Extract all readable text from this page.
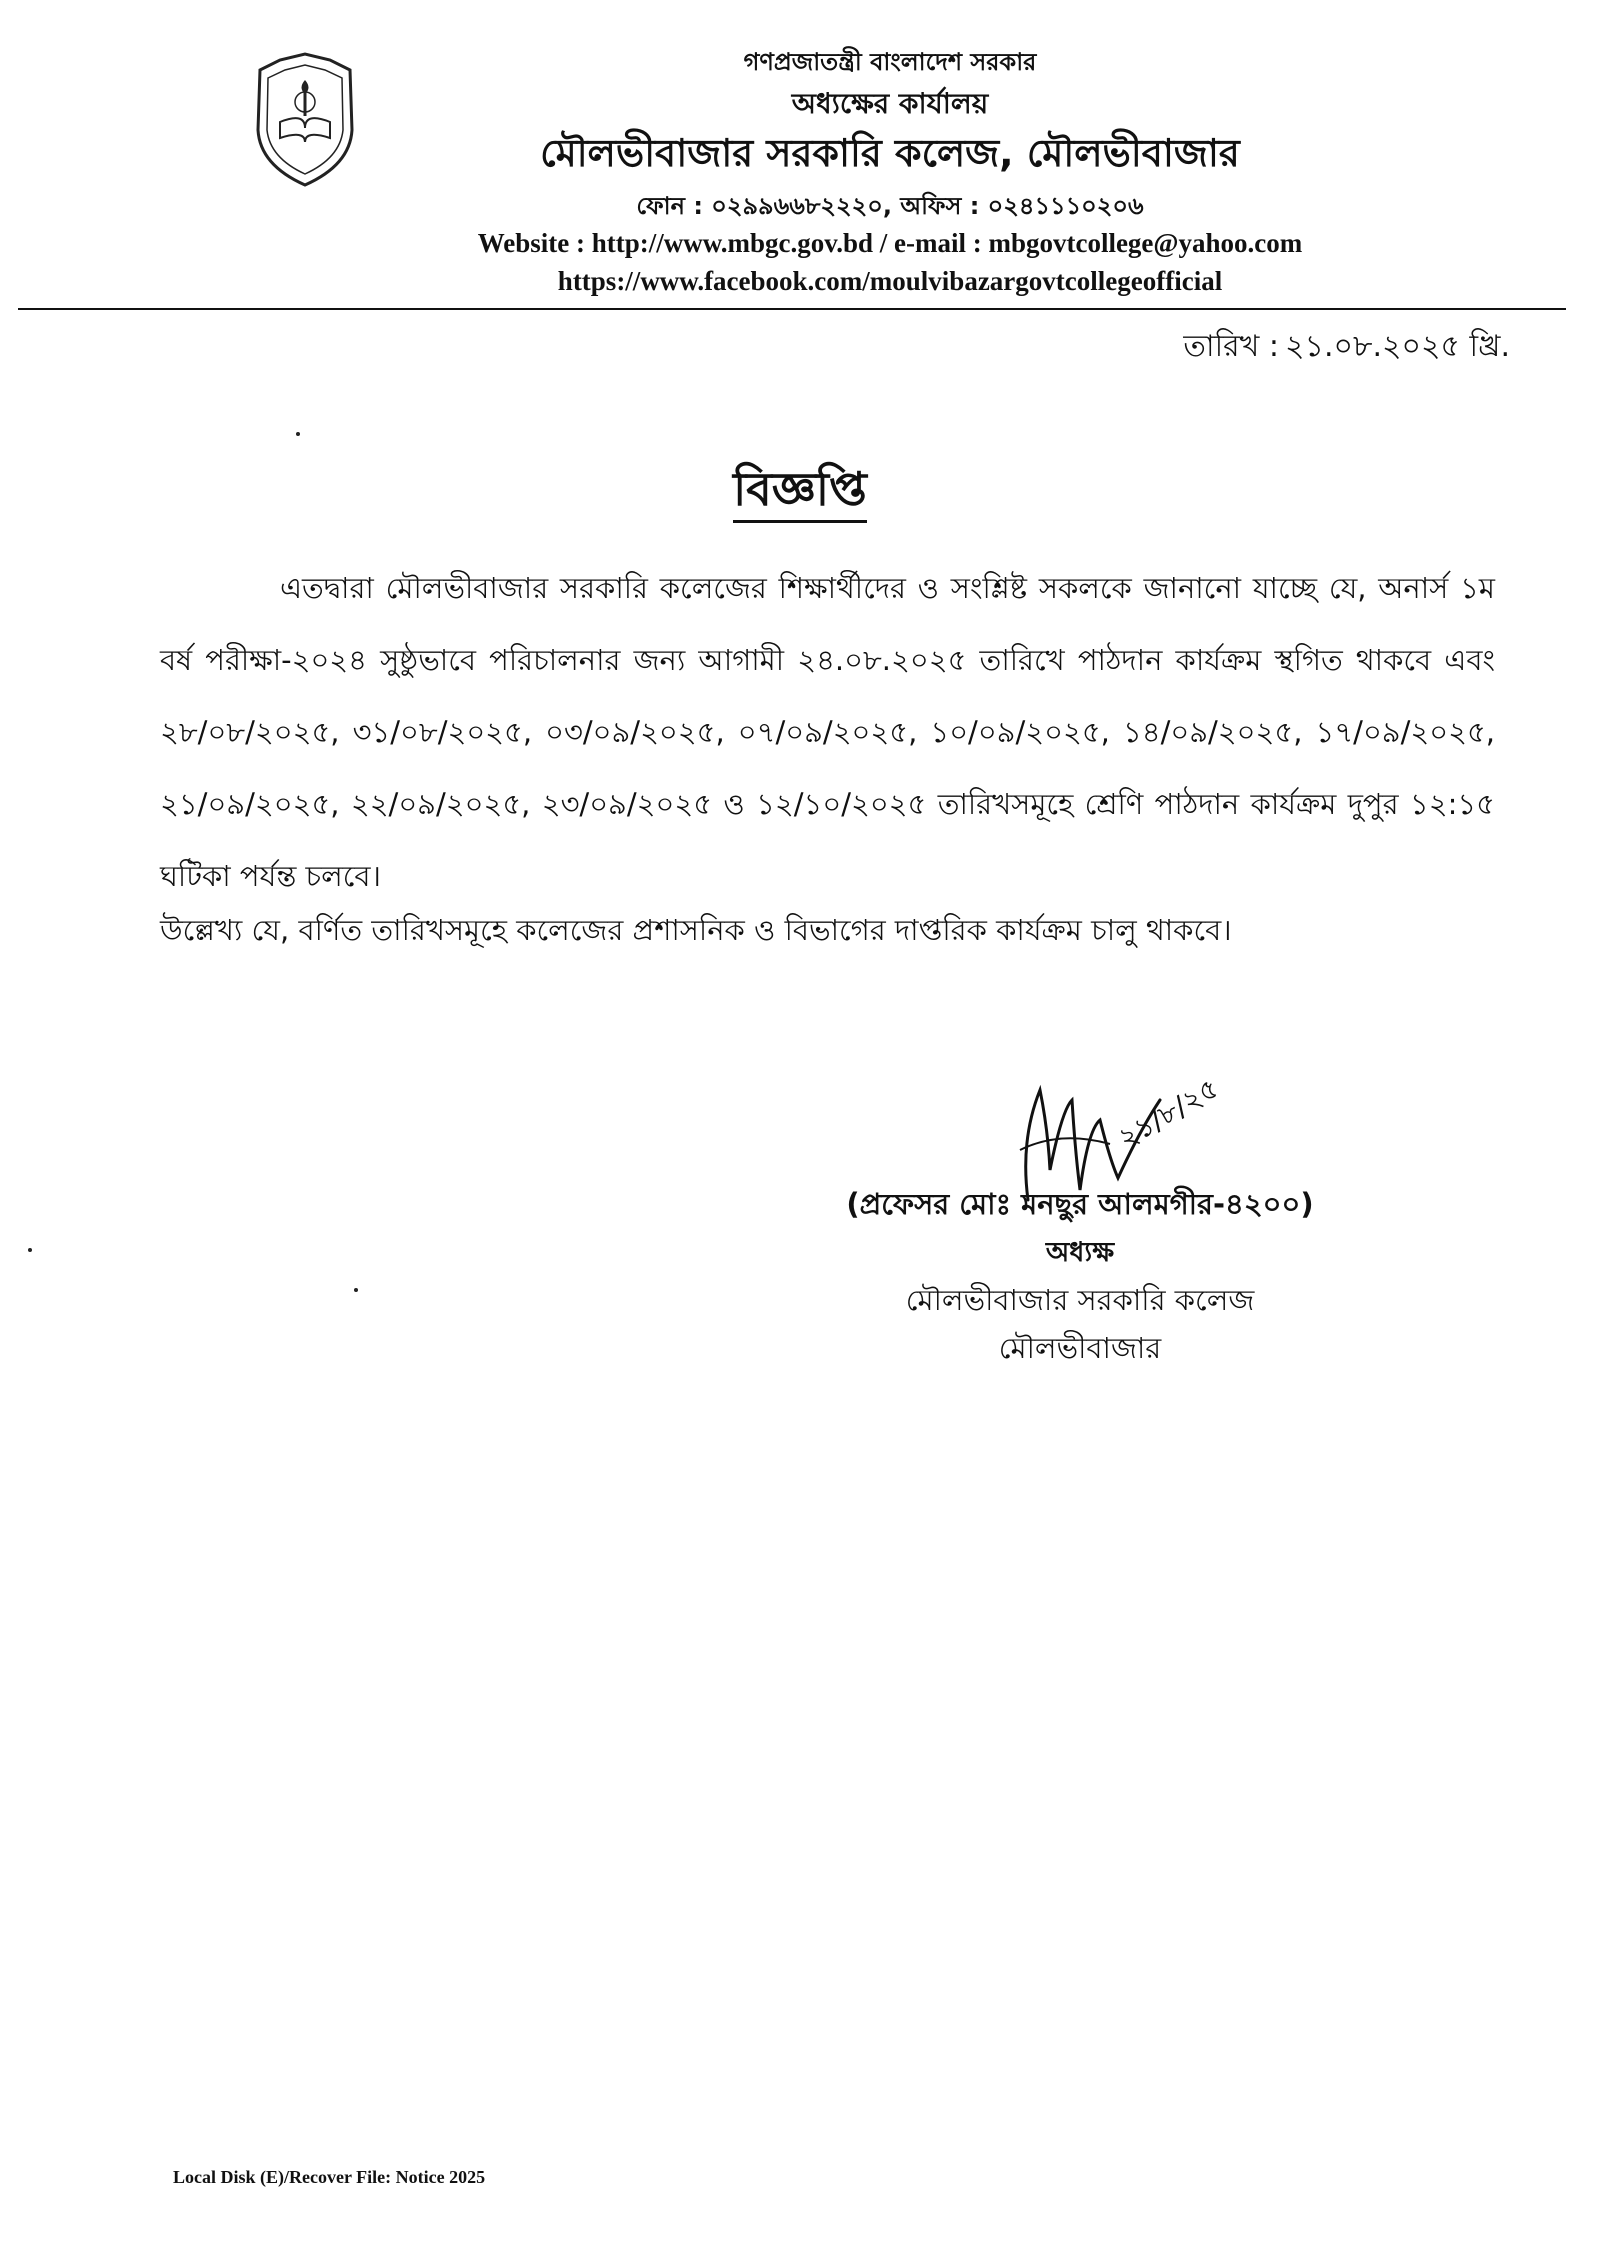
গণপ্রজাতন্ত্রী বাংলাদেশ সরকার
অধ্যক্ষের কার্যালয়
মৌলভীবাজার সরকারি কলেজ, মৌলভীবাজার
ফোন : ০২৯৯৬৬৮২২২০, অফিস : ০২৪১১১০২০৬
Website : http://www.mbgc.gov.bd / e-mail : mbgovtcollege@yahoo.com
https://www.facebook.com/moulvibazargovtcollegeofficial
তারিখ : ২১.০৮.২০২৫ খ্রি.
বিজ্ঞপ্তি

এতদ্বারা মৌলভীবাজার সরকারি কলেজের শিক্ষার্থীদের ও সংশ্লিষ্ট সকলকে জানানো যাচ্ছে যে, অনার্স ১ম বর্ষ পরীক্ষা-২০২৪ সুষ্ঠুভাবে পরিচালনার জন্য আগামী ২৪.০৮.২০২৫ তারিখে পাঠদান কার্যক্রম স্থগিত থাকবে এবং ২৮/০৮/২০২৫, ৩১/০৮/২০২৫, ০৩/০৯/২০২৫, ০৭/০৯/২০২৫, ১০/০৯/২০২৫, ১৪/০৯/২০২৫, ১৭/০৯/২০২৫, ২১/০৯/২০২৫, ২২/০৯/২০২৫, ২৩/০৯/২০২৫ ও ১২/১০/২০২৫ তারিখসমূহে শ্রেণি পাঠদান কার্যক্রম দুপুর ১২:১৫ ঘটিকা পর্যন্ত চলবে।

উল্লেখ্য যে, বর্ণিত তারিখসমূহে কলেজের প্রশাসনিক ও বিভাগের দাপ্তরিক কার্যক্রম চালু থাকবে।

২১/৮/২৫
(প্রফেসর মোঃ মনছুর আলমগীর-৪২০০)
অধ্যক্ষ
মৌলভীবাজার সরকারি কলেজ
মৌলভীবাজার
Local Disk (E)/Recover File: Notice 2025
